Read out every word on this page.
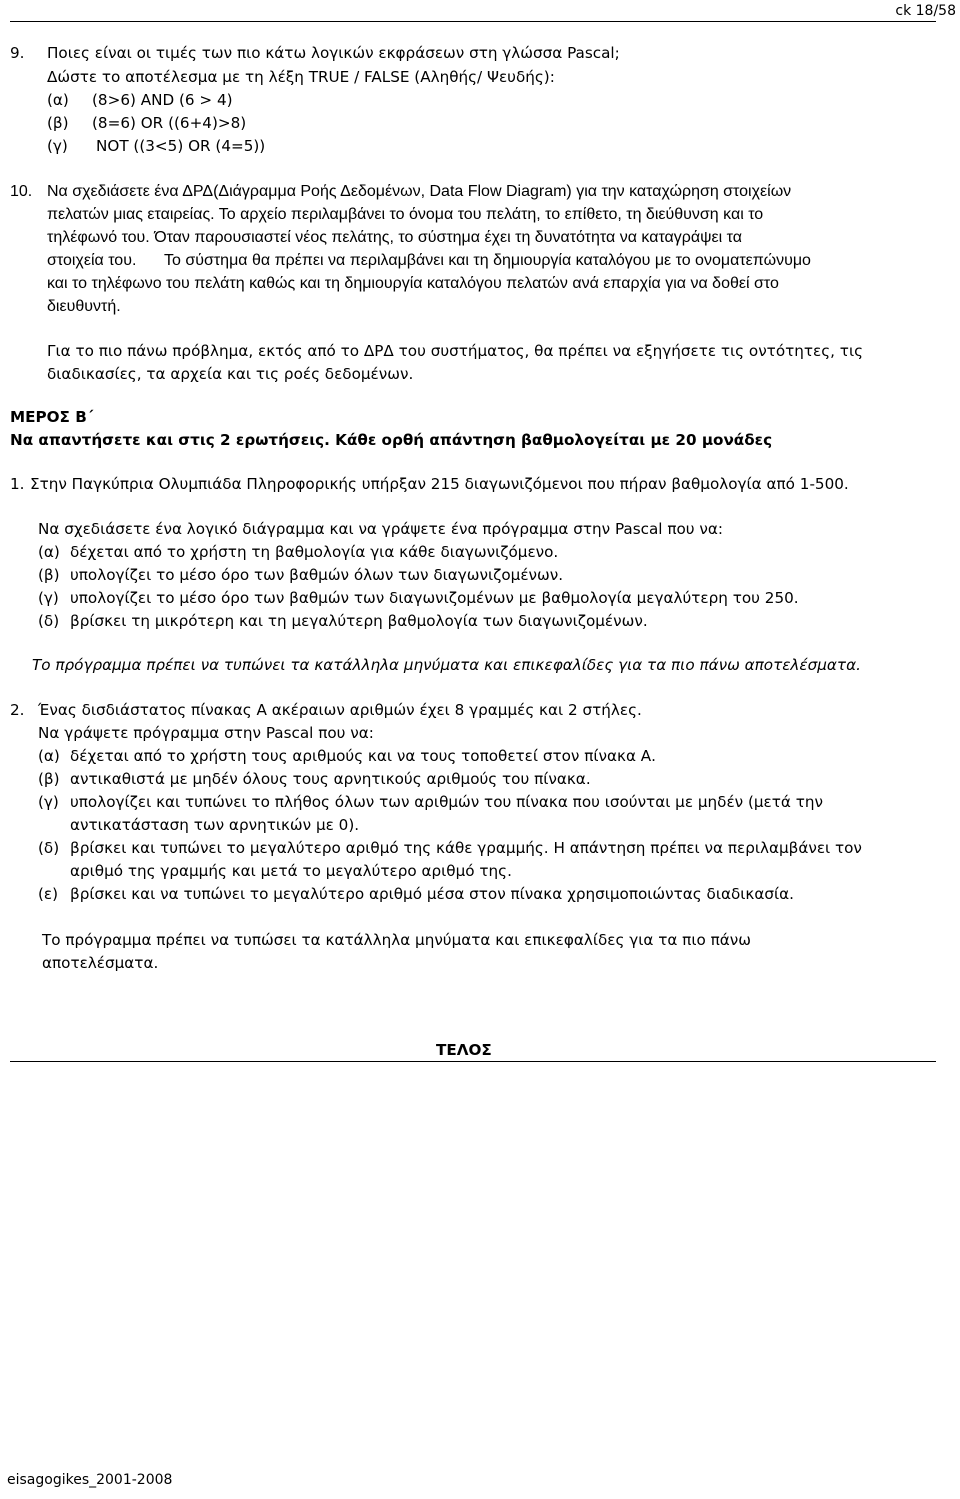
ck 18/58
9. Ποιες είναι οι τιμές των πιο κάτω λογικών εκφράσεων στη γλώσσα Pascal;
Δώστε το αποτέλεσμα με τη λέξη TRUE / FALSE (Αληθής/ Ψευδής):
(α) (8>6) AND (6 > 4)
(β) (8=6) OR ((6+4)>8)
(γ) NOT ((3<5) OR (4=5))
10. Να σχεδιάσετε ένα ΔΡΔ(Διάγραμμα Ροής Δεδομένων, Data Flow Diagram) για την καταχώρηση στοιχείων
πελατών μιας εταιρείας. Το αρχείο περιλαμβάνει το όνομα του πελάτη, το επίθετο, τη διεύθυνση και το
τηλέφωνό του. Όταν παρουσιαστεί νέος πελάτης, το σύστημα έχει τη δυνατότητα να καταγράψει τα
στοιχεία του. Το σύστημα θα πρέπει να περιλαμβάνει και τη δημιουργία καταλόγου με το ονοματεπώνυμο
και το τηλέφωνο του πελάτη καθώς και τη δημιουργία καταλόγου πελατών ανά επαρχία για να δοθεί στο
διευθυντή.
Για το πιο πάνω πρόβλημα, εκτός από το ΔΡΔ του συστήματος, θα πρέπει να εξηγήσετε τις οντότητες, τις
διαδικασίες, τα αρχεία και τις ροές δεδομένων.
ΜΕΡΟΣ Β΄
Να απαντήσετε και στις 2 ερωτήσεις. Κάθε ορθή απάντηση βαθμολογείται με 20 μονάδες
1. Στην Παγκύπρια Ολυμπιάδα Πληροφορικής υπήρξαν 215 διαγωνιζόμενοι που πήραν βαθμολογία από 1-500.
Να σχεδιάσετε ένα λογικό διάγραμμα και να γράψετε ένα πρόγραμμα στην Pascal που να:
(α) δέχεται από το χρήστη τη βαθμολογία για κάθε διαγωνιζόμενο.
(β) υπολογίζει το μέσο όρο των βαθμών όλων των διαγωνιζομένων.
(γ) υπολογίζει το μέσο όρο των βαθμών των διαγωνιζομένων με βαθμολογία μεγαλύτερη του 250.
(δ) βρίσκει τη μικρότερη και τη μεγαλύτερη βαθμολογία των διαγωνιζομένων.
Το πρόγραμμα πρέπει να τυπώνει τα κατάλληλα μηνύματα και επικεφαλίδες για τα πιο πάνω αποτελέσματα.
2. Ένας δισδιάστατος πίνακας Α ακέραιων αριθμών έχει 8 γραμμές και 2 στήλες.
Να γράψετε πρόγραμμα στην Pascal που να:
(α) δέχεται από το χρήστη τους αριθμούς και να τους τοποθετεί στον πίνακα Α.
(β) αντικαθιστά με μηδέν όλους τους αρνητικούς αριθμούς του πίνακα.
(γ) υπολογίζει και τυπώνει το πλήθος όλων των αριθμών του πίνακα που ισούνται με μηδέν (μετά την
αντικατάσταση των αρνητικών με 0).
(δ) βρίσκει και τυπώνει το μεγαλύτερο αριθμό της κάθε γραμμής. Η απάντηση πρέπει να περιλαμβάνει τον
αριθμό της γραμμής και μετά το μεγαλύτερο αριθμό της.
(ε) βρίσκει και να τυπώνει το μεγαλύτερο αριθμό μέσα στον πίνακα χρησιμοποιώντας διαδικασία.
Το πρόγραμμα πρέπει να τυπώσει τα κατάλληλα μηνύματα και επικεφαλίδες για τα πιο πάνω
αποτελέσματα.
ΤΕΛΟΣ
eisagogikes_2001-2008
